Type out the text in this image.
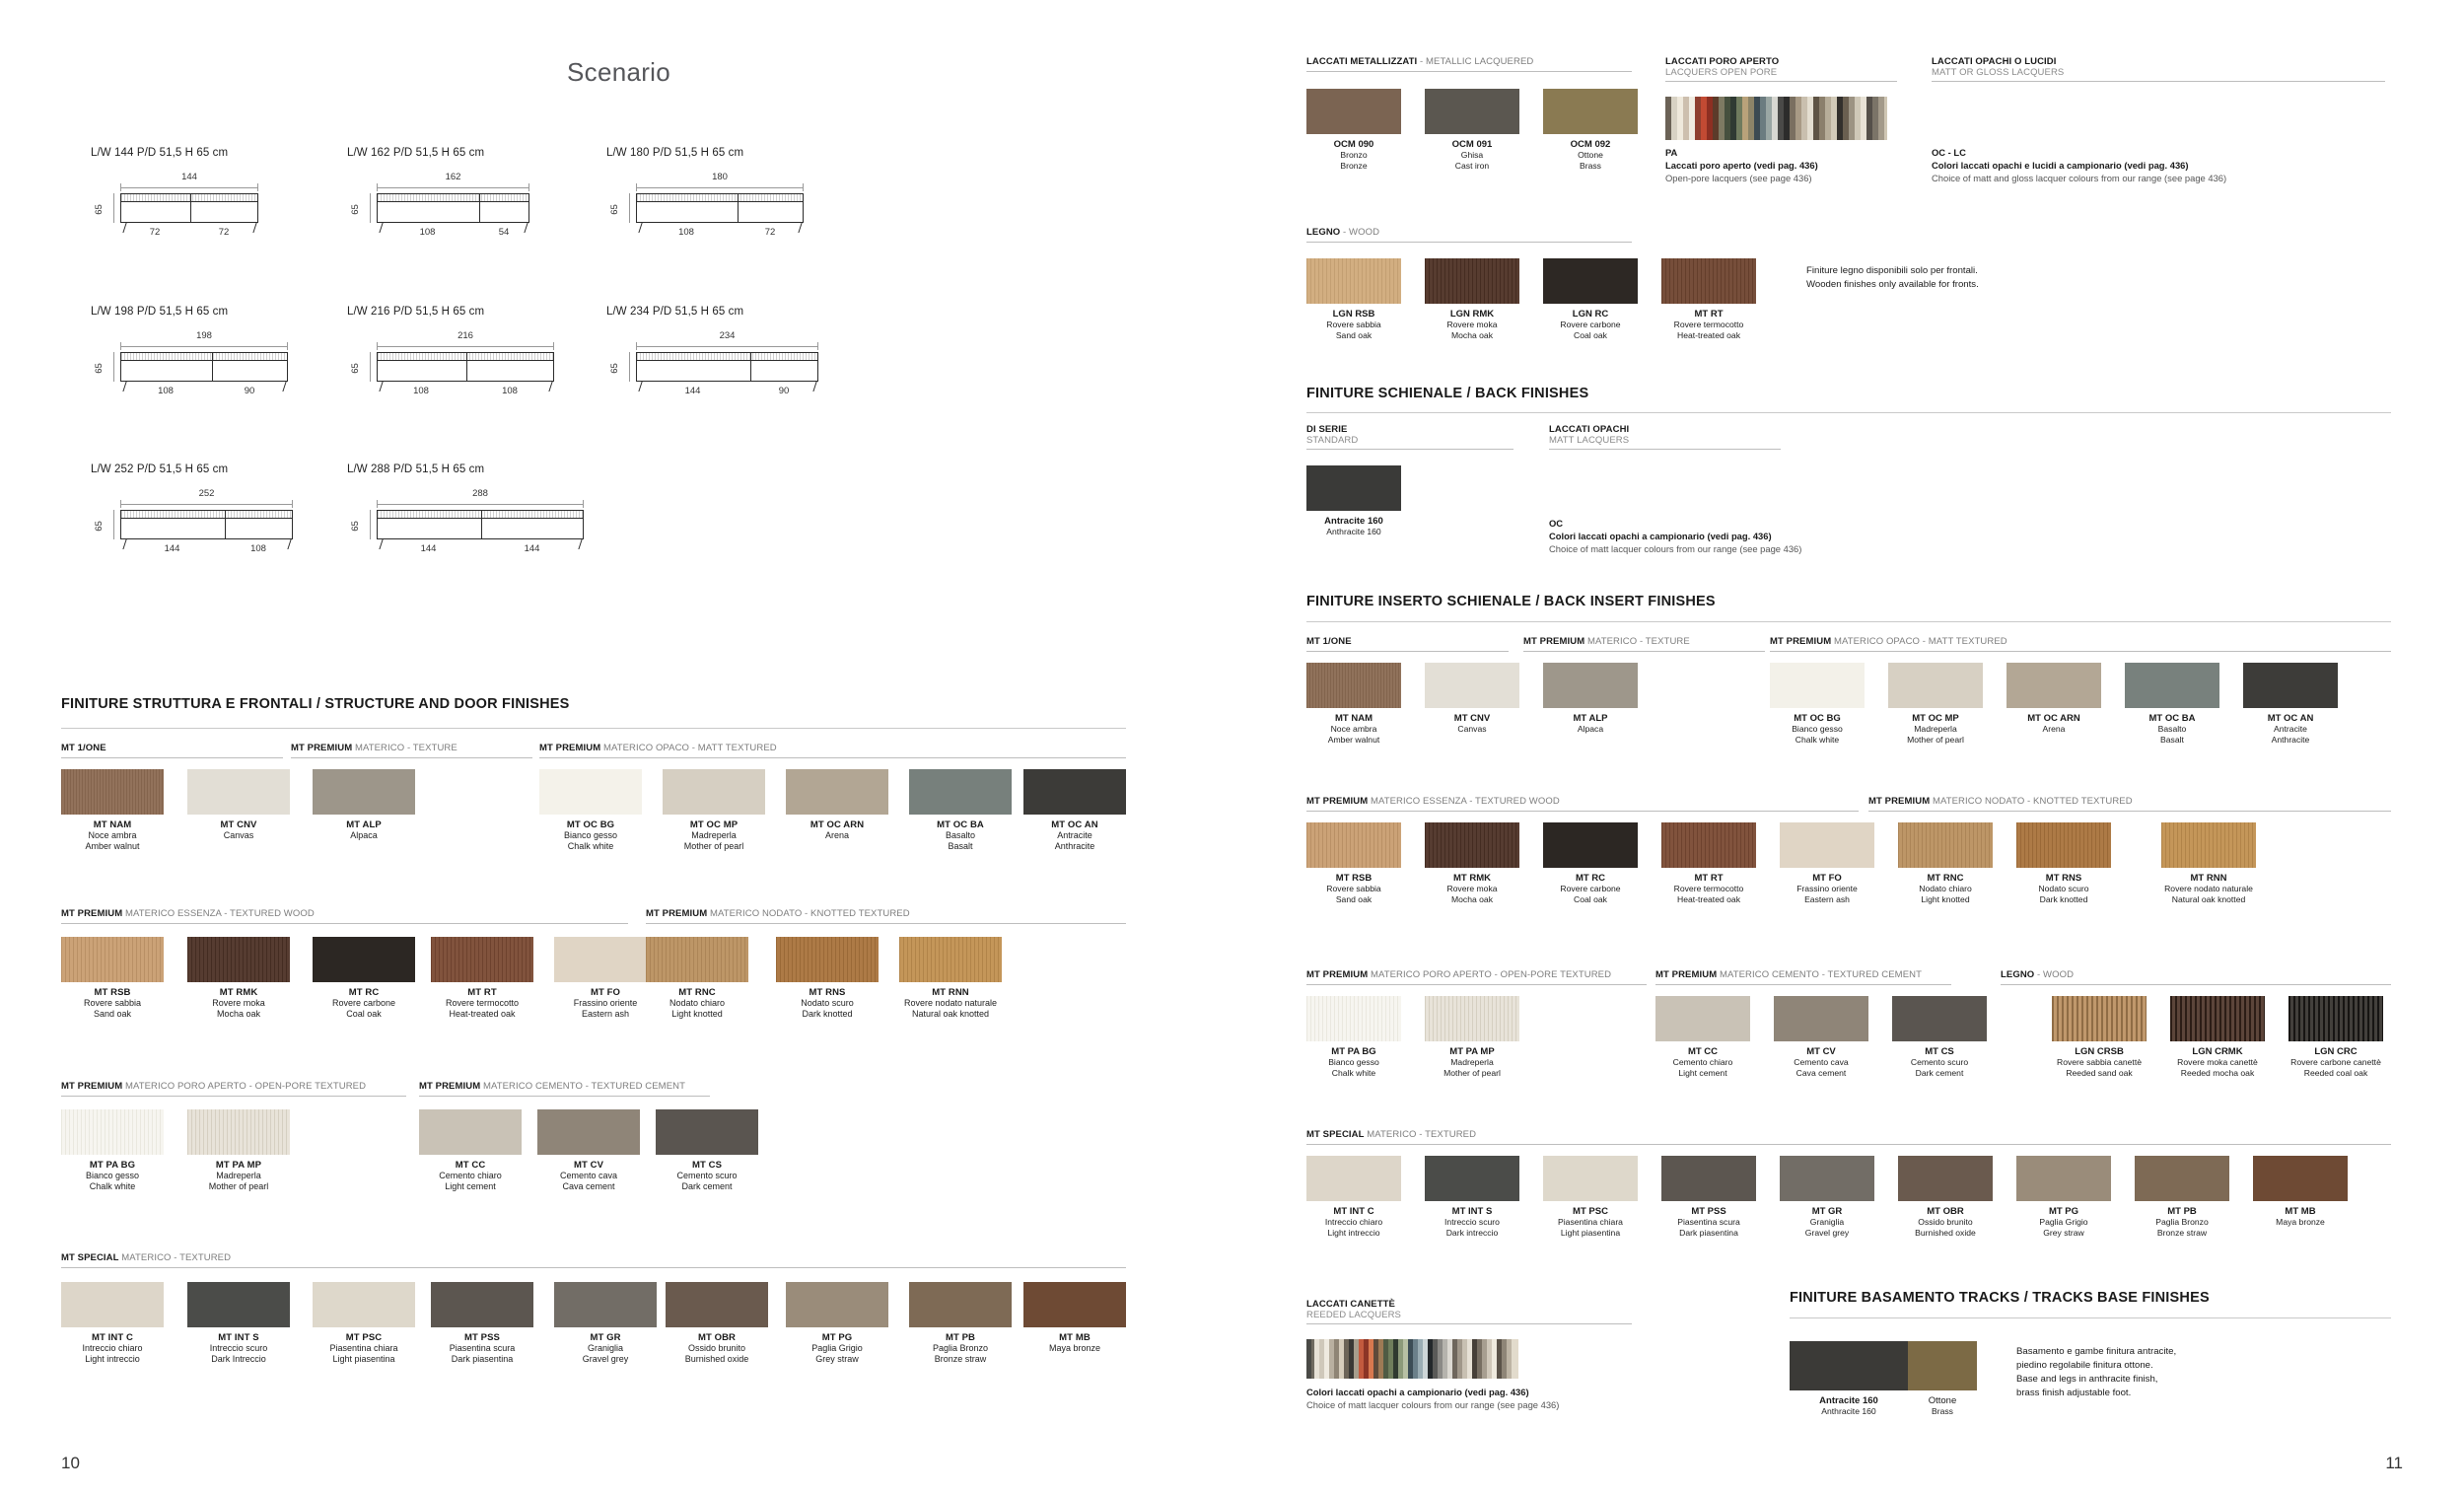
Scenario
L/W 144 P/D 51,5 H 65 cm
144
65
72	72
L/W 162 P/D 51,5 H 65 cm
162
65
108	54
L/W 180 P/D 51,5 H 65 cm
180
65
108	72
L/W 198 P/D 51,5 H 65 cm
198
65
108	90
L/W 216 P/D 51,5 H 65 cm
216
65
108	108
L/W 234 P/D 51,5 H 65 cm
234
65
144	90
L/W 252 P/D 51,5 H 65 cm
252
65
144	108
L/W 288 P/D 51,5 H 65 cm
288
65
144	144
FINITURE STRUTTURA E FRONTALI / STRUCTURE AND DOOR FINISHES
MT 1/ONE
MT NAM
Noce ambra
Amber walnut
MT PREMIUM MATERICO - TEXTURE
MT CNV
Canvas
MT ALP
Alpaca
MT PREMIUM MATERICO OPACO - MATT TEXTURED
MT OC BG
Bianco gesso
Chalk white
MT OC MP
Madreperla
Mother of pearl
MT OC ARN
Arena
MT OC BA
Basalto
Basalt
MT OC AN
Antracite
Anthracite
MT PREMIUM MATERICO ESSENZA - TEXTURED WOOD
MT RSB
Rovere sabbia
Sand oak
MT RMK
Rovere moka
Mocha oak
MT RC
Rovere carbone
Coal oak
MT RT
Rovere termocotto
Heat-treated oak
MT FO
Frassino oriente
Eastern ash
MT PREMIUM MATERICO NODATO - KNOTTED TEXTURED
MT RNC
Nodato chiaro
Light knotted
MT RNS
Nodato scuro
Dark knotted
MT RNN
Rovere nodato naturale
Natural oak knotted
MT PREMIUM MATERICO PORO APERTO - OPEN-PORE TEXTURED
MT PA BG
Bianco gesso
Chalk white
MT PA MP
Madreperla
Mother of pearl
MT PREMIUM MATERICO CEMENTO - TEXTURED CEMENT
MT CC
Cemento chiaro
Light cement
MT CV
Cemento cava
Cava cement
MT CS
Cemento scuro
Dark cement
MT SPECIAL MATERICO - TEXTURED
MT INT C
Intreccio chiaro
Light intreccio
MT INT S
Intreccio scuro
Dark Intreccio
MT PSC
Piasentina chiara
Light piasentina
MT PSS
Piasentina scura
Dark piasentina
MT GR
Graniglia
Gravel grey
MT OBR
Ossido brunito
Burnished oxide
MT PG
Paglia Grigio
Grey straw
MT PB
Paglia Bronzo
Bronze straw
MT MB
Maya bronze
10
LACCATI METALLIZZATI - METALLIC LACQUERED
OCM 090
Bronzo
Bronze
OCM 091
Ghisa
Cast iron
OCM 092
Ottone
Brass
LACCATI PORO APERTO
LACQUERS OPEN PORE
PA
Laccati poro aperto (vedi pag. 436)
Open-pore lacquers (see page 436)
LACCATI OPACHI O LUCIDI
MATT OR GLOSS LACQUERS
OC - LC
Colori laccati opachi e lucidi a campionario (vedi pag. 436)
Choice of matt and gloss lacquer colours from our range (see page 436)
LEGNO - WOOD
LGN RSB
Rovere sabbia
Sand oak
LGN RMK
Rovere moka
Mocha oak
LGN RC
Rovere carbone
Coal oak
MT RT
Rovere termocotto
Heat-treated oak
Finiture legno disponibili solo per frontali.
Wooden finishes only available for fronts.
FINITURE SCHIENALE / BACK FINISHES
DI SERIE
STANDARD
Antracite 160
Anthracite 160
LACCATI OPACHI
MATT LACQUERS
OC
Colori laccati opachi a campionario (vedi pag. 436)
Choice of matt lacquer colours from our range (see page 436)
FINITURE INSERTO SCHIENALE / BACK INSERT FINISHES
MT 1/ONE
MT NAM
Noce ambra
Amber walnut
MT PREMIUM MATERICO - TEXTURE
MT CNV
Canvas
MT ALP
Alpaca
MT PREMIUM MATERICO OPACO - MATT TEXTURED
MT OC BG
Bianco gesso
Chalk white
MT OC MP
Madreperla
Mother of pearl
MT OC ARN
Arena
MT OC BA
Basalto
Basalt
MT OC AN
Antracite
Anthracite
MT PREMIUM MATERICO ESSENZA - TEXTURED WOOD
MT RSB
Rovere sabbia
Sand oak
MT RMK
Rovere moka
Mocha oak
MT RC
Rovere carbone
Coal oak
MT RT
Rovere termocotto
Heat-treated oak
MT FO
Frassino oriente
Eastern ash
MT PREMIUM MATERICO NODATO - KNOTTED TEXTURED
MT RNC
Nodato chiaro
Light knotted
MT RNS
Nodato scuro
Dark knotted
MT RNN
Rovere nodato naturale
Natural oak knotted
MT PREMIUM MATERICO PORO APERTO - OPEN-PORE TEXTURED
MT PA BG
Bianco gesso
Chalk white
MT PA MP
Madreperla
Mother of pearl
MT PREMIUM MATERICO CEMENTO - TEXTURED CEMENT
MT CC
Cemento chiaro
Light cement
MT CV
Cemento cava
Cava cement
MT CS
Cemento scuro
Dark cement
LEGNO - WOOD
LGN CRSB
Rovere sabbia canettè
Reeded sand oak
LGN CRMK
Rovere moka canettè
Reeded mocha oak
LGN CRC
Rovere carbone canettè
Reeded coal oak
MT SPECIAL MATERICO - TEXTURED
MT INT C
Intreccio chiaro
Light intreccio
MT INT S
Intreccio scuro
Dark intreccio
MT PSC
Piasentina chiara
Light piasentina
MT PSS
Piasentina scura
Dark piasentina
MT GR
Graniglia
Gravel grey
MT OBR
Ossido brunito
Burnished oxide
MT PG
Paglia Grigio
Grey straw
MT PB
Paglia Bronzo
Bronze straw
MT MB
Maya bronze
LACCATI CANETTÈ
REEDED LACQUERS
Colori laccati opachi a campionario (vedi pag. 436)
Choice of matt lacquer colours from our range (see page 436)
FINITURE BASAMENTO TRACKS / TRACKS BASE FINISHES
Antracite 160
Anthracite 160
Ottone
Brass
Basamento e gambe finitura antracite,
piedino regolabile finitura ottone.
Base and legs in anthracite finish,
brass finish adjustable foot.
11
